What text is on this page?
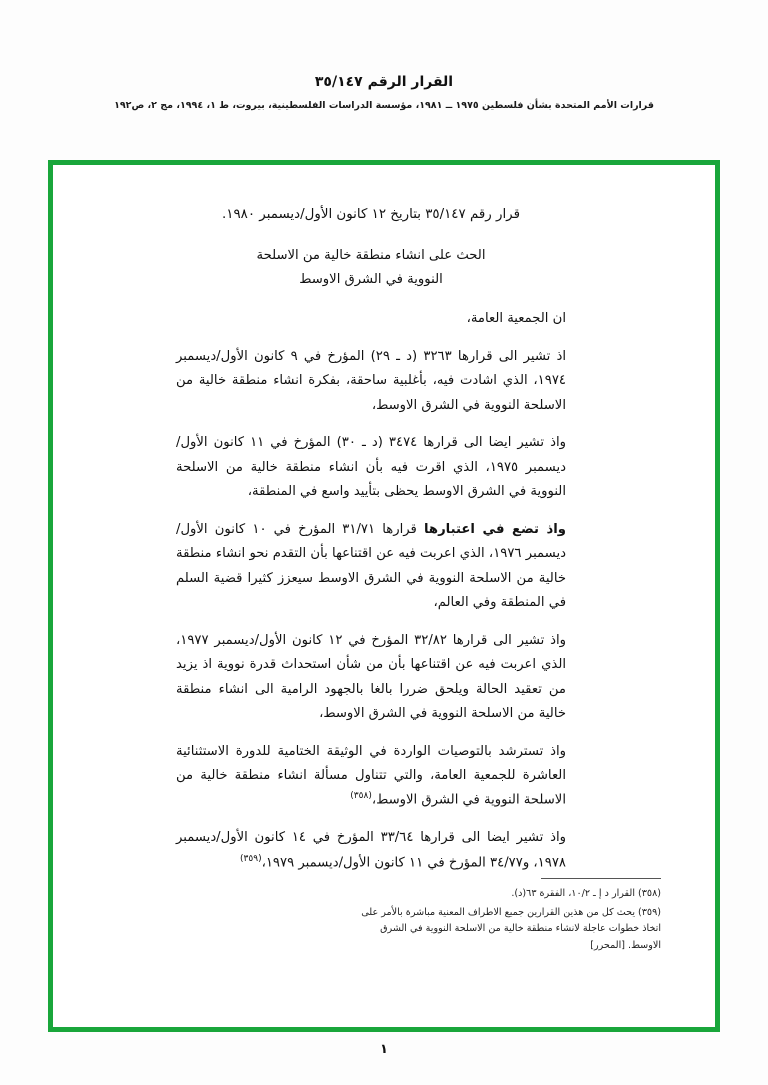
القرار الرقم ٣٥/١٤٧
قرارات الأمم المتحدة بشأن فلسطين ١٩٧٥ ــ ١٩٨١، مؤسسة الدراسات الفلسطينية، بيروت، ط ١، ١٩٩٤، مج ٢، ص١٩٢
قرار رقم ٣٥/١٤٧ بتاريخ ١٢ كانون الأول/ديسمبر ١٩٨٠.
الحث على انشاء منطقة خالية من الاسلحة
النووية في الشرق الاوسط
ان الجمعية العامة،

اذ تشير الى قرارها ٣٢٦٣ (د ـ ٢٩) المؤرخ في ٩ كانون الأول/ديسمبر ١٩٧٤، الذي اشادت فيه، بأغلبية ساحقة، بفكرة انشاء منطقة خالية من الاسلحة النووية في الشرق الاوسط،

واذ تشير ايضا الى قرارها ٣٤٧٤ (د ـ ٣٠) المؤرخ في ١١ كانون الأول/ديسمبر ١٩٧٥، الذي اقرت فيه بأن انشاء منطقة خالية من الاسلحة النووية في الشرق الاوسط يحظى بتأييد واسع في المنطقة،

واذ تضع في اعتبارها قرارها ٣١/٧١ المؤرخ في ١٠ كانون الأول/ديسمبر ١٩٧٦، الذي اعربت فيه عن اقتناعها بأن التقدم نحو انشاء منطقة خالية من الاسلحة النووية في الشرق الاوسط سيعزز كثيرا قضية السلم في المنطقة وفي العالم،

واذ تشير الى قرارها ٣٢/٨٢ المؤرخ في ١٢ كانون الأول/ديسمبر ١٩٧٧، الذي اعربت فيه عن اقتناعها بأن من شأن استحداث قدرة نووية اذ يزيد من تعقيد الحالة ويلحق ضررا بالغا بالجهود الرامية الى انشاء منطقة خالية من الاسلحة النووية في الشرق الاوسط،

واذ تسترشد بالتوصيات الواردة في الوثيقة الختامية للدورة الاستثنائية العاشرة للجمعية العامة، والتي تتناول مسألة انشاء منطقة خالية من الاسلحة النووية في الشرق الاوسط،$^{(٣٥٨)}$

واذ تشير ايضا الى قرارها ٣٣/٦٤ المؤرخ في ١٤ كانون الأول/ديسمبر ١٩٧٨، و٣٤/٧٧ المؤرخ في ١١ كانون الأول/ديسمبر ١٩٧٩،$^{(٣٥٩)}$

(٣٥٨) القرار د إ ـ ١٠/٢، الفقرة ٦٣(د).
(٣٥٩) يحث كل من هذين القرارين جميع الاطراف المعنية مباشرة بالأمر على اتخاذ خطوات عاجلة لانشاء منطقة خالية من الاسلحة النووية في الشرق الاوسط. [المحرر]
١
